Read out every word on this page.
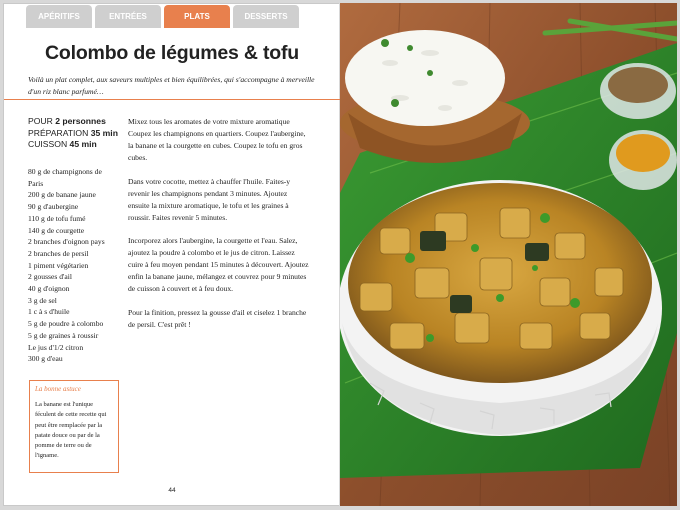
APÉRITIFS	ENTRÉES	PLATS	DESSERTS
Colombo de légumes & tofu

Voilà un plat complet, aux saveurs multiples et bien équilibrées, qui s'accompagne à merveille d'un riz blanc parfumé…

POUR 2 personnes
PRÉPARATION 35 min
CUISSON 45 min
80 g de champignons de Paris
200 g de banane jaune
90 g d'aubergine
110 g de tofu fumé
140 g de courgette
2 branches d'oignon pays
2 branches de persil
1 piment végétarien
2 gousses d'ail
40 g d'oignon
3 g de sel
1 c à s d'huile
5 g de poudre à colombo
5 g de graines à roussir
Le jus d'1/2 citron
300 g d'eau
La bonne astuce
La banane est l'unique féculent de cette recette qui peut être remplacée par la patate douce ou par de la pomme de terre ou de l'igname.

Mixez tous les aromates de votre mixture aromatique Coupez les champignons en quartiers. Coupez l'aubergine, la banane et la courgette en cubes. Coupez le tofu en gros cubes.

Dans votre cocotte, mettez à chauffer l'huile. Faites-y revenir les champignons pendant 3 minutes. Ajoutez ensuite la mixture aromatique, le tofu et les graines à roussir. Faites revenir 5 minutes.

Incorporez alors l'aubergine, la courgette et l'eau. Salez, ajoutez la poudre à colombo et le jus de citron. Laissez cuire à feu moyen pendant 15 minutes à découvert. Ajoutez enfin la banane jaune, mélangez et couvrez pour 9 minutes de cuisson à couvert et à feu doux.

Pour la finition, pressez la gousse d'ail et ciselez 1 branche de persil. C'est prêt !

44
